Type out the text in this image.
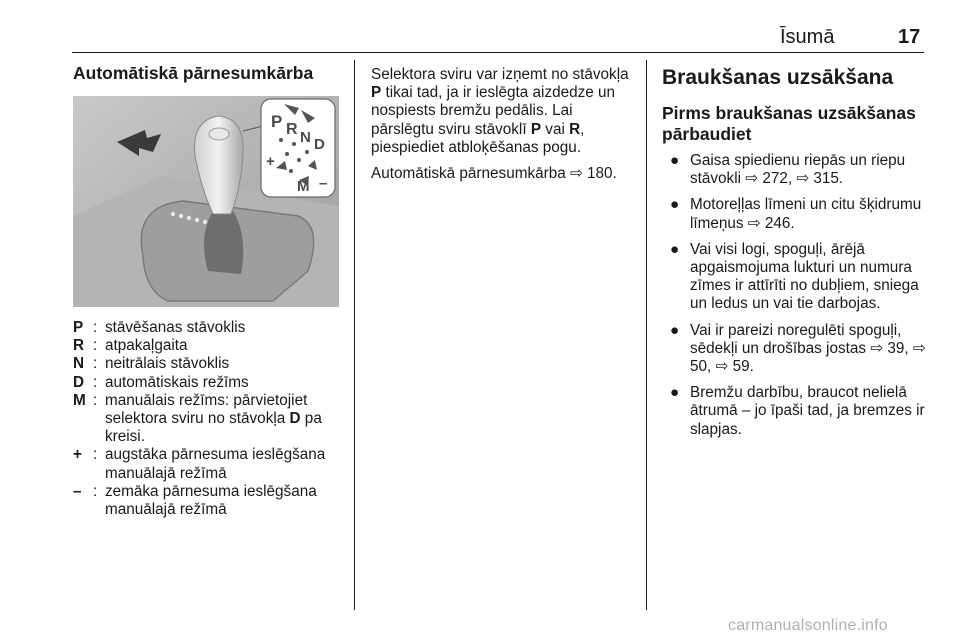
Īsumā	17
Automātiskā pārnesumkārba
P R N D
M
+
–
P : stāvēšanas stāvoklis
R : atpakaļgaita
N : neitrālais stāvoklis
D : automātiskais režīms
M : manuālais režīms: pārvietojiet selektora sviru no stāvokļa D pa kreisi.
+ : augstāka pārnesuma ieslēgšana manuālajā režīmā
– : zemāka pārnesuma ieslēgšana manuālajā režīmā

Selektora sviru var izņemt no stāvokļa P tikai tad, ja ir ieslēgta aizdedze un nospiests bremžu pedālis. Lai pārslēgtu sviru stāvoklī P vai R, piespiediet atbloķēšanas pogu.

Automātiskā pārnesumkārba ⇨ 180.

Braukšanas uzsākšana
Pirms braukšanas uzsākšanas pārbaudiet
● Gaisa spiedienu riepās un riepu stāvokli ⇨ 272, ⇨ 315.
● Motoreļļas līmeni un citu šķidrumu līmeņus ⇨ 246.
● Vai visi logi, spoguļi, ārējā apgaismojuma lukturi un numura zīmes ir attīrīti no dubļiem, sniega un ledus un vai tie darbojas.
● Vai ir pareizi noregulēti spoguļi, sēdekļi un drošības jostas ⇨ 39, ⇨ 50, ⇨ 59.
● Bremžu darbību, braucot nelielā ātrumā – jo īpaši tad, ja bremzes ir slapjas.
carmanualsonline.info
